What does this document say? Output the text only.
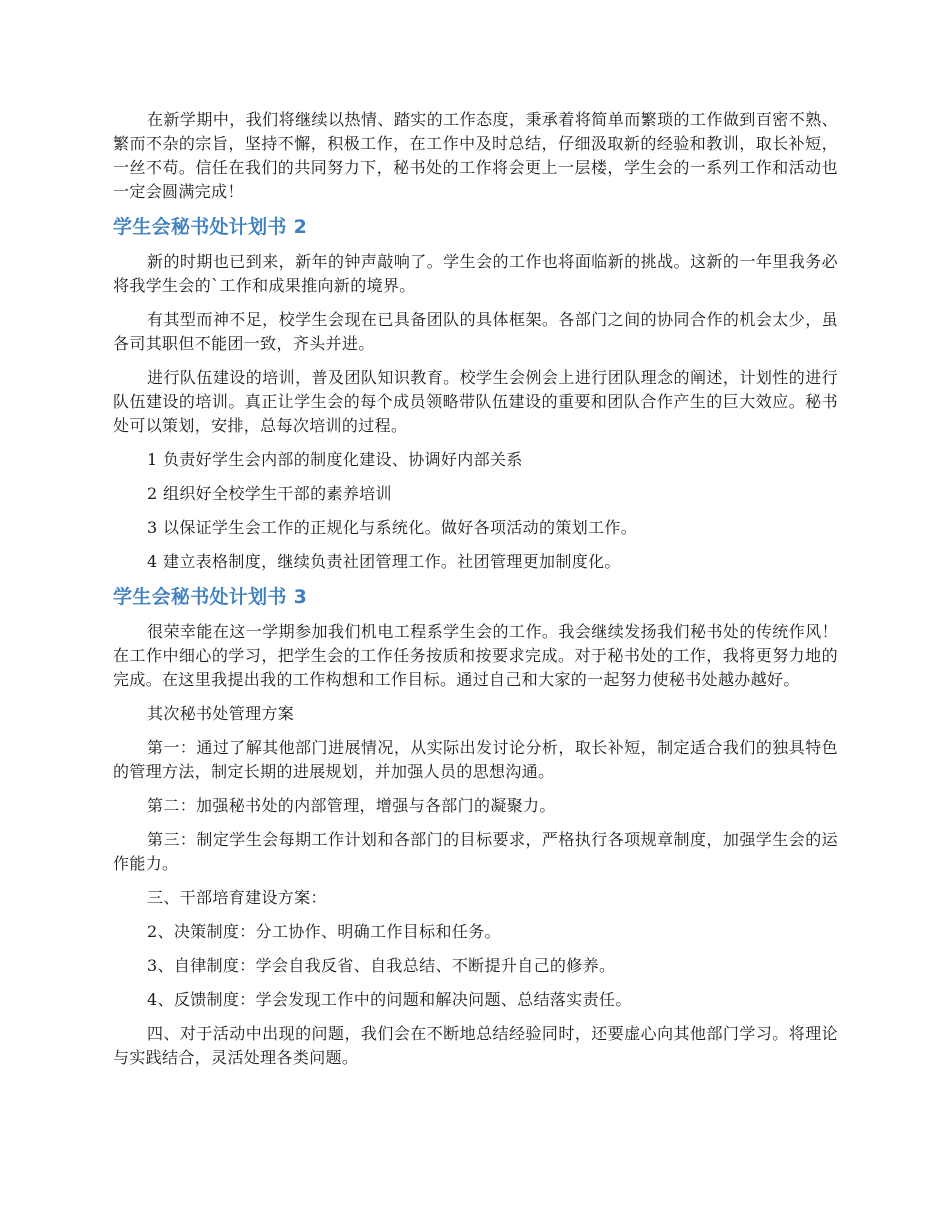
在新学期中，我们将继续以热情、踏实的工作态度，秉承着将简单而繁琐的工作做到百密不熟、繁而不杂的宗旨，坚持不懈，积极工作，在工作中及时总结，仔细汲取新的经验和教训，取长补短，一丝不苟。信任在我们的共同努力下，秘书处的工作将会更上一层楼，学生会的一系列工作和活动也一定会圆满完成！

学生会秘书处计划书 2

新的时期也已到来，新年的钟声敲响了。学生会的工作也将面临新的挑战。这新的一年里我务必将我学生会的`工作和成果推向新的境界。

有其型而神不足，校学生会现在已具备团队的具体框架。各部门之间的协同合作的机会太少，虽各司其职但不能团一致，齐头并进。

进行队伍建设的培训，普及团队知识教育。校学生会例会上进行团队理念的阐述，计划性的进行队伍建设的培训。真正让学生会的每个成员领略带队伍建设的重要和团队合作产生的巨大效应。秘书处可以策划，安排，总每次培训的过程。

1 负责好学生会内部的制度化建设、协调好内部关系

2 组织好全校学生干部的素养培训

3 以保证学生会工作的正规化与系统化。做好各项活动的策划工作。

4 建立表格制度，继续负责社团管理工作。社团管理更加制度化。

学生会秘书处计划书 3

很荣幸能在这一学期参加我们机电工程系学生会的工作。我会继续发扬我们秘书处的传统作风！在工作中细心的学习，把学生会的工作任务按质和按要求完成。对于秘书处的工作，我将更努力地的完成。在这里我提出我的工作构想和工作目标。通过自己和大家的一起努力使秘书处越办越好。

其次秘书处管理方案

第一：通过了解其他部门进展情况，从实际出发讨论分析，取长补短，制定适合我们的独具特色的管理方法，制定长期的进展规划，并加强人员的思想沟通。

第二：加强秘书处的内部管理，增强与各部门的凝聚力。

第三：制定学生会每期工作计划和各部门的目标要求，严格执行各项规章制度，加强学生会的运作能力。

三、干部培育建设方案：

2、决策制度：分工协作、明确工作目标和任务。

3、自律制度：学会自我反省、自我总结、不断提升自己的修养。

4、反馈制度：学会发现工作中的问题和解决问题、总结落实责任。

四、对于活动中出现的问题，我们会在不断地总结经验同时，还要虚心向其他部门学习。将理论与实践结合，灵活处理各类问题。
